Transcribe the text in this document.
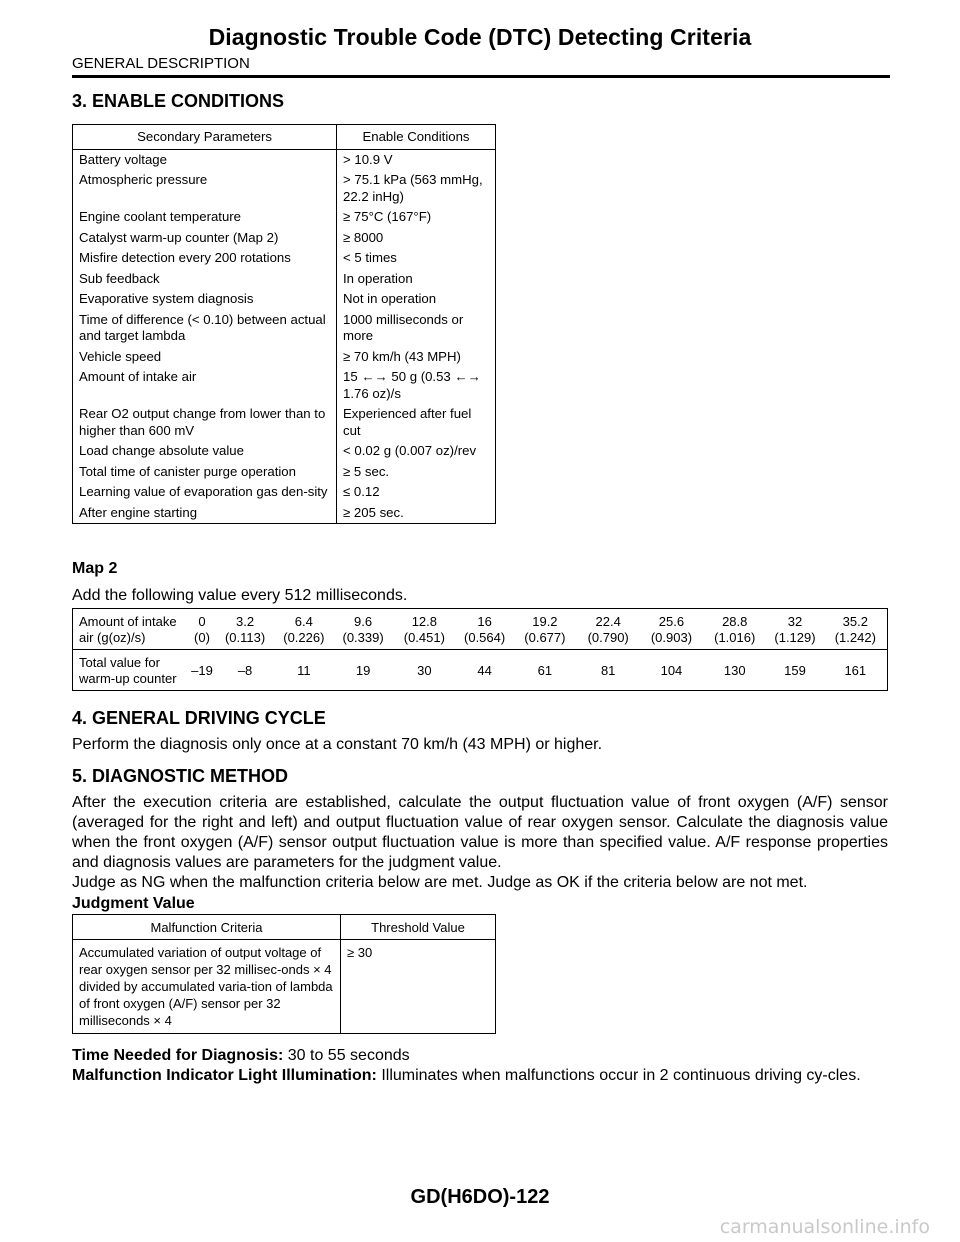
Diagnostic Trouble Code (DTC) Detecting Criteria
GENERAL DESCRIPTION
3. ENABLE CONDITIONS
Secondary Parameters	Enable Conditions
Battery voltage	> 10.9 V
Atmospheric pressure	> 75.1 kPa (563 mmHg, 22.2 inHg)
Engine coolant temperature	≥ 75°C (167°F)
Catalyst warm-up counter (Map 2)	≥ 8000
Misfire detection every 200 rotations	< 5 times
Sub feedback	In operation
Evaporative system diagnosis	Not in operation
Time of difference (< 0.10) between actual and target lambda	1000 milliseconds or more
Vehicle speed	≥ 70 km/h (43 MPH)
Amount of intake air	15 ←→ 50 g (0.53 ←→ 1.76 oz)/s
Rear O2 output change from lower than to higher than 600 mV	Experienced after fuel cut
Load change absolute value	< 0.02 g (0.007 oz)/rev
Total time of canister purge operation	≥ 5 sec.
Learning value of evaporation gas den-sity	≤ 0.12
After engine starting	≥ 205 sec.
Map 2
Add the following value every 512 milliseconds.
Amount of intake air (g(oz)/s)	0 (0)	3.2 (0.113)	6.4 (0.226)	9.6 (0.339)	12.8 (0.451)	16 (0.564)	19.2 (0.677)	22.4 (0.790)	25.6 (0.903)	28.8 (1.016)	32 (1.129)	35.2 (1.242)
Total value for warm-up counter	–19	–8	11	19	30	44	61	81	104	130	159	161
4. GENERAL DRIVING CYCLE
Perform the diagnosis only once at a constant 70 km/h (43 MPH) or higher.
5. DIAGNOSTIC METHOD
After the execution criteria are established, calculate the output fluctuation value of front oxygen (A/F) sensor (averaged for the right and left) and output fluctuation value of rear oxygen sensor. Calculate the diagnosis value when the front oxygen (A/F) sensor output fluctuation value is more than specified value. A/F response properties and diagnosis values are parameters for the judgment value.
Judge as NG when the malfunction criteria below are met. Judge as OK if the criteria below are not met.
Judgment Value
Malfunction Criteria	Threshold Value
Accumulated variation of output voltage of rear oxygen sensor per 32 millisec-onds × 4 divided by accumulated varia-tion of lambda of front oxygen (A/F) sensor per 32 milliseconds × 4	≥ 30
Time Needed for Diagnosis: 30 to 55 seconds
Malfunction Indicator Light Illumination: Illuminates when malfunctions occur in 2 continuous driving cy-cles.
GD(H6DO)-122
carmanualsonline.info
